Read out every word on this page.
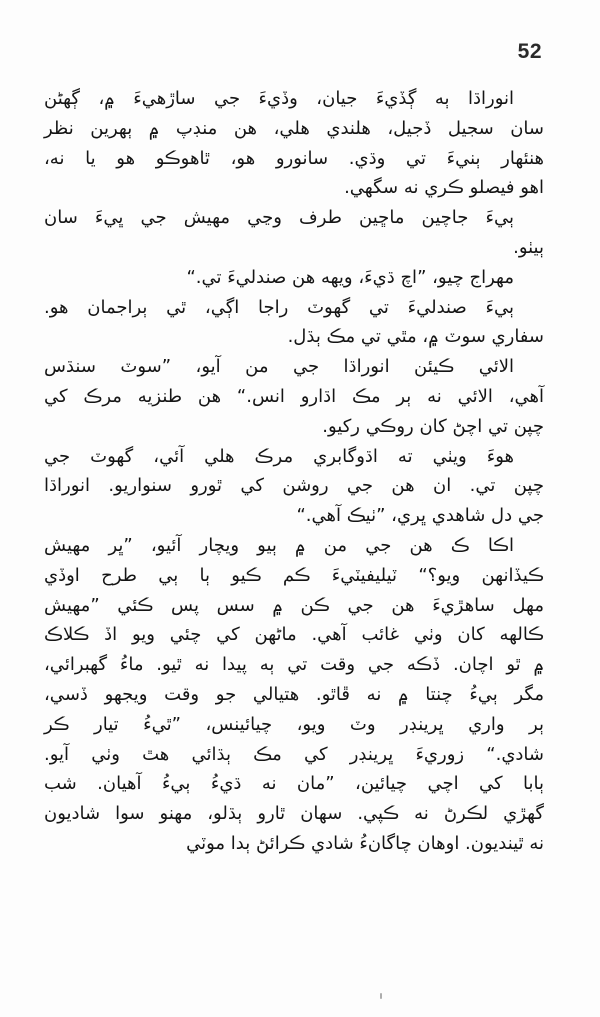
52
انوراڌا ٻه ڳڏيءَ جيان، وڏيءَ جي ساڙهيءَ ۾، ڳهڻن
سان سجيل ڏجيل، هلندي هلي، هن منڊپ ۾ ٻهرين نظر
هنئهار ٻنيءَ تي وڌي. سانورو هو، ٿاهوڪو هو يا نه،
اهو فيصلو ڪري نه سگهي.
ٻيءَ جاچين ماڇين طرف وڃي مهيش جي ڀيءَ سان
ٻيٺو.
مهراج چيو، ”اچ ڌيءَ، ويهه هن صندليءَ تي.“
ٻيءَ صندليءَ تي گهوٽ راجا اڳي، ٿي ٻراجمان هو.
سفاري سوٽ ۾، مٿي تي مڪ ٻڌل.
الائي ڪيئن انوراڌا جي من آيو، ”سوٽ سنڌس
آهي، الائي نه ٻر مڪ اڌارو انس.“ هن طنزيه مرڪ کي
چپن تي اچڻ کان روڪي رکيو.
هوءَ ويٺي ته اڌوگابري مرڪ هلي آئي، گهوٽ جي
چپن تي. ان هن جي روشن کي ٿورو سنواريو. انوراڌا
جي دل شاهدي ڀري، ”ٺيڪ آهي.“
اڪا ڪ هن جي من ۾ ٻيو ويچار آئيو، ”ڀر مهيش
ڪيڏانهن ويو؟“ ٽيليفيٽيءَ ڪم ڪيو ٻا ٻي طرح اوڏي
مهل ساهڙيءَ هن جي ڪن ۾ سس پس ڪئي ”مهيش
ڪالهه کان وٺي غائب آهي. ماڻهن کي چئي ويو اڏ ڪلاڪ
۾ ٿو اچان. ڏڪه جي وقت تي ٻه پيدا نه ٿيو. ماءُ گهبرائي،
مگر ٻيءُ چنتا ۾ نه ڦاٿو. هتيالي جو وقت ويجهو ڏسي،
ٻر واري ڀرينڊر وٽ ويو، چيائينس، ”ٿيءُ تيار ڪر
شادي.“ زوريءَ ڀرينڊر کي مڪ ٻڌائي هٿ وٺي آيو.
ٻابا کي اچي چيائين، ”مان نه ڌيءُ ٻيءُ آهيان. شب
گهڙي لڪرڻ نه ڪپي. سهان ٿارو ٻڌلو، مهنو سوا شاديون
نه ٿينديون. اوهان چاگانءُ شادي ڪرائڻ ٻدا موٽي
